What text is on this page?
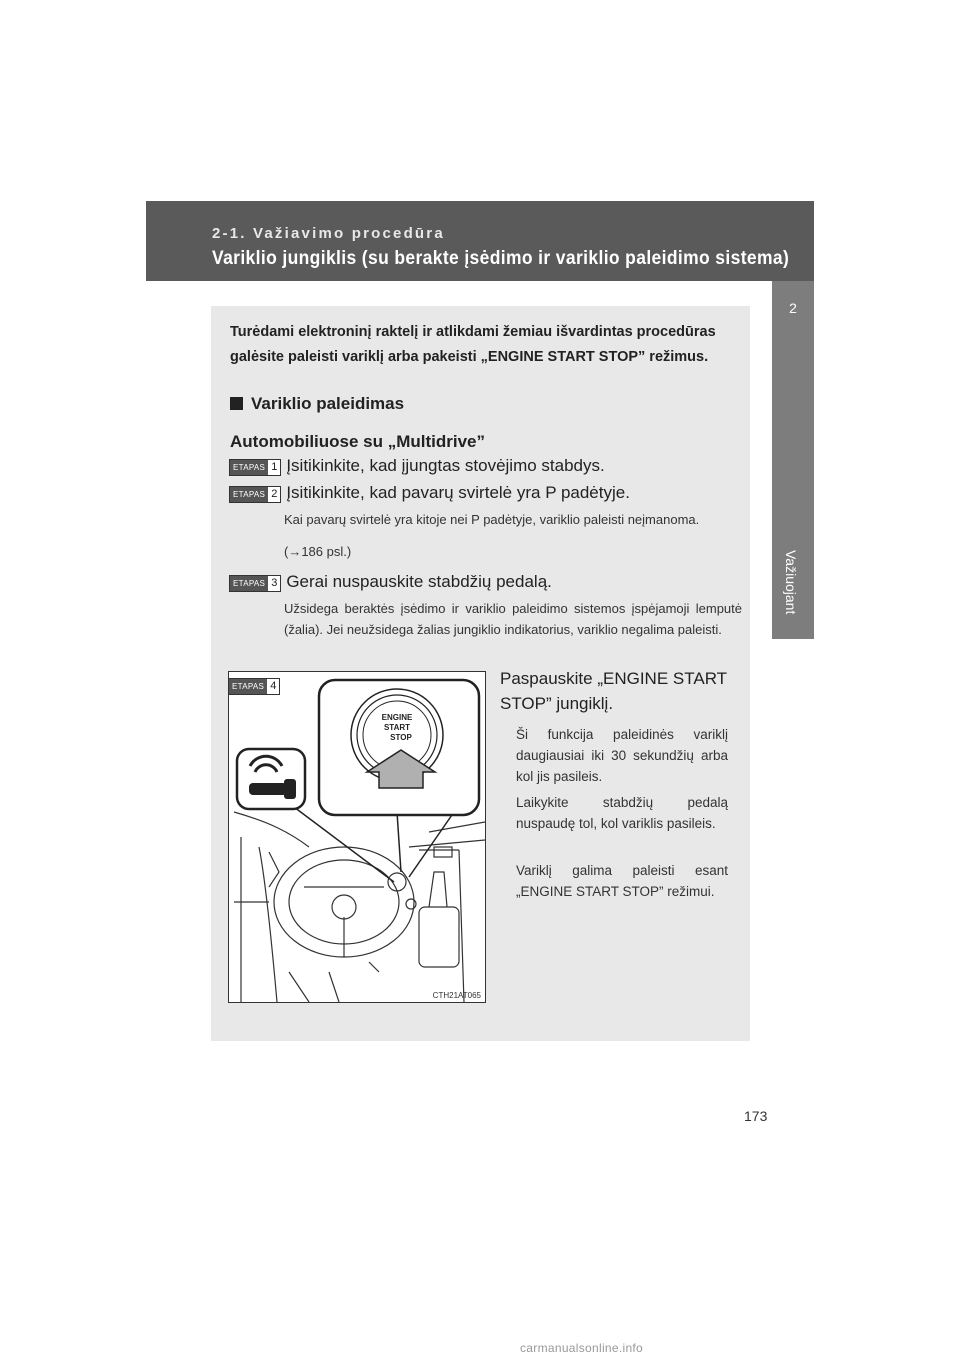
2-1. Važiavimo procedūra
Variklio jungiklis (su berakte įsėdimo ir variklio paleidimo sistema)
2
Važiuojant
Turėdami elektroninį raktelį ir atlikdami žemiau išvardintas procedūras galėsite paleisti variklį arba pakeisti „ENGINE START STOP” režimus.
Variklio paleidimas
Automobiliuose su „Multidrive”
ETAPAS 1 Įsitikinkite, kad įjungtas stovėjimo stabdys.
ETAPAS 2 Įsitikinkite, kad pavarų svirtelė yra P padėtyje.
Kai pavarų svirtelė yra kitoje nei P padėtyje, variklio paleisti neįmanoma.
(→186 psl.)
ETAPAS 3 Gerai nuspauskite stabdžių pedalą.
Užsidega beraktės įsėdimo ir variklio paleidimo sistemos įspėjamoji lemputė (žalia). Jei neužsidega žalias jungiklio indikatorius, variklio negalima paleisti.
ENGINE
START
STOP
CTH21AT065
ETAPAS 4	Paspauskite „ENGINE START STOP” jungiklį.
Ši funkcija paleidinės variklį daugiausiai iki 30 sekundžių arba kol jis pasileis.
Laikykite stabdžių pedalą nuspaudę tol, kol variklis pasileis.
Variklį galima paleisti esant „ENGINE START STOP” režimui.
173
carmanualsonline.info
